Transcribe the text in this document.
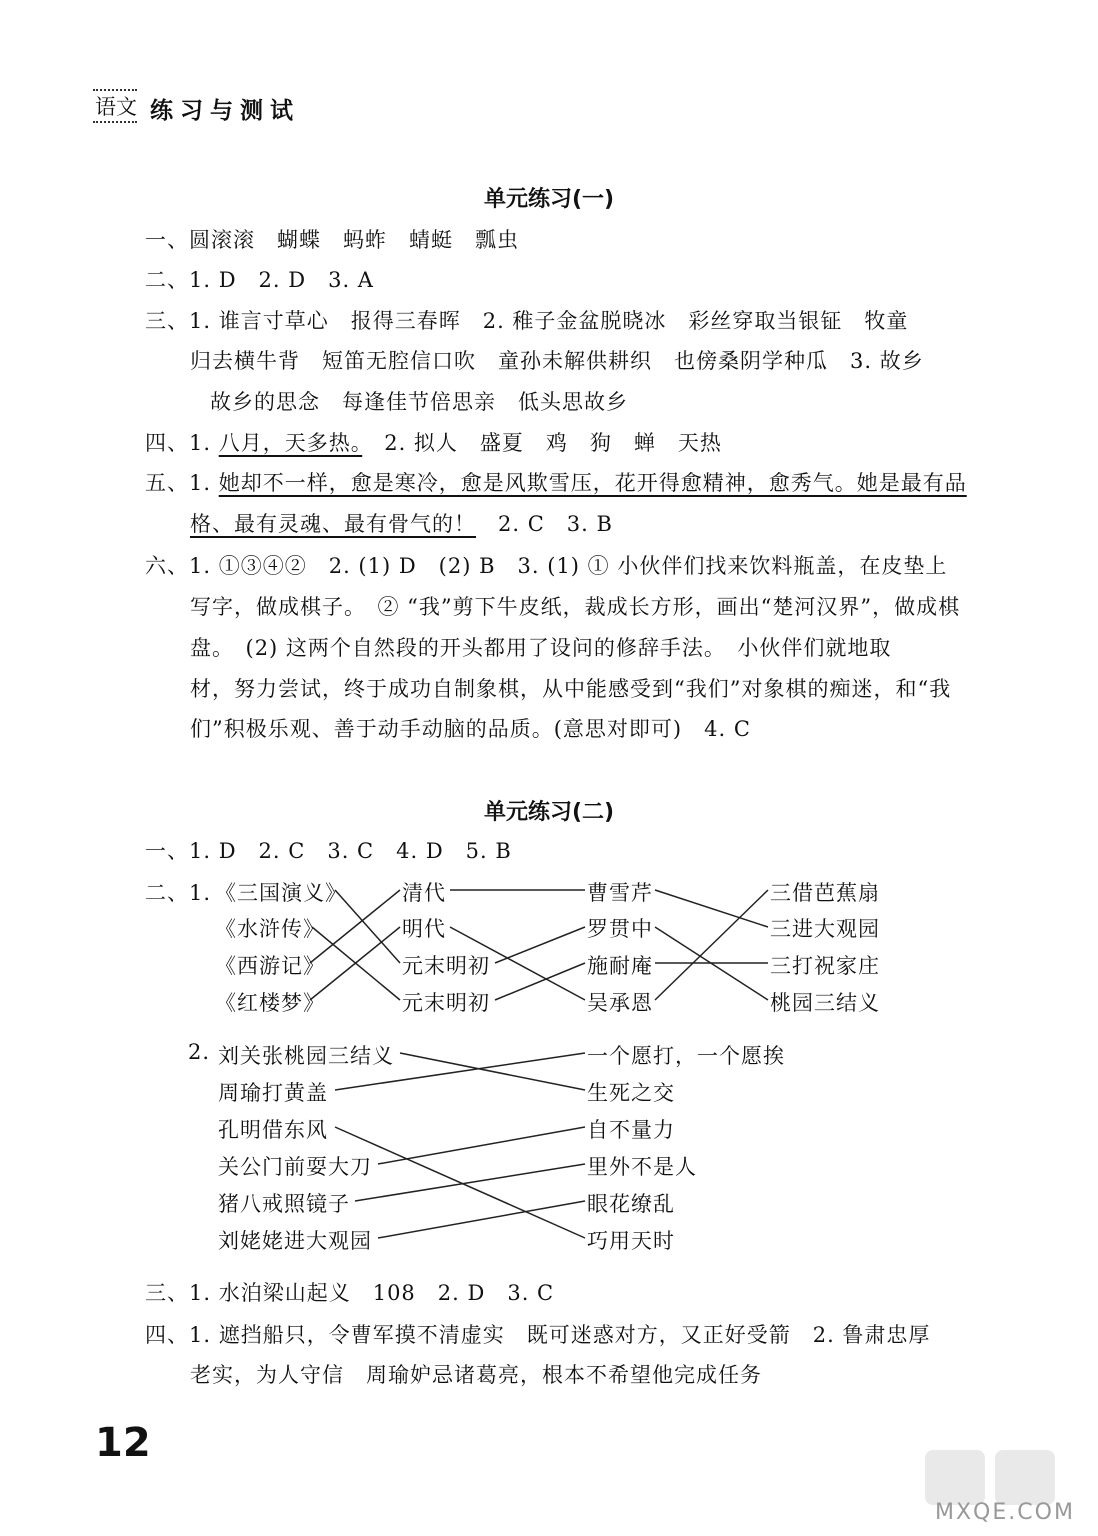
语文 练习与测试
单元练习(一)
一、圆滚滚　蝴蝶　蚂蚱　蜻蜓　瓢虫
二、1. D　2. D　3. A
三、1. 谁言寸草心　报得三春晖　2. 稚子金盆脱晓冰　彩丝穿取当银钲　牧童
归去横牛背　短笛无腔信口吹　童孙未解供耕织　也傍桑阴学种瓜　3. 故乡
故乡的思念　每逢佳节倍思亲　低头思故乡
四、1. 八月，天多热。　2. 拟人　盛夏　鸡　狗　蝉　天热
五、1. 她却不一样，愈是寒冷，愈是风欺雪压，花开得愈精神，愈秀气。她是最有品
格、最有灵魂、最有骨气的！　2. C　3. B
六、1. ①③④②　2. (1) D　(2) B　3. (1) ① 小伙伴们找来饮料瓶盖，在皮垫上
写字，做成棋子。　② “我”剪下牛皮纸，裁成长方形，画出“楚河汉界”，做成棋
盘。　(2) 这两个自然段的开头都用了设问的修辞手法。　小伙伴们就地取
材，努力尝试，终于成功自制象棋，从中能感受到“我们”对象棋的痴迷，和“我
们”积极乐观、善于动手动脑的品质。(意思对即可)　4. C
单元练习(二)
一、1. D　2. C　3. C　4. D　5. B
二、1. 《三国演义》
《水浒传》
《西游记》
《红楼梦》
清代
明代
元末明初
元末明初
曹雪芹
罗贯中
施耐庵
吴承恩
三借芭蕉扇
三进大观园
三打祝家庄
桃园三结义
2. 刘关张桃园三结义
周瑜打黄盖
孔明借东风
关公门前耍大刀
猪八戒照镜子
刘姥姥进大观园
一个愿打，一个愿挨
生死之交
自不量力
里外不是人
眼花缭乱
巧用天时
三、1. 水泊梁山起义　108　2. D　3. C
四、1. 遮挡船只，令曹军摸不清虚实　既可迷惑对方，又正好受箭　2. 鲁肃忠厚
老实，为人守信　周瑜妒忌诸葛亮，根本不希望他完成任务
12
MXQE.COM
